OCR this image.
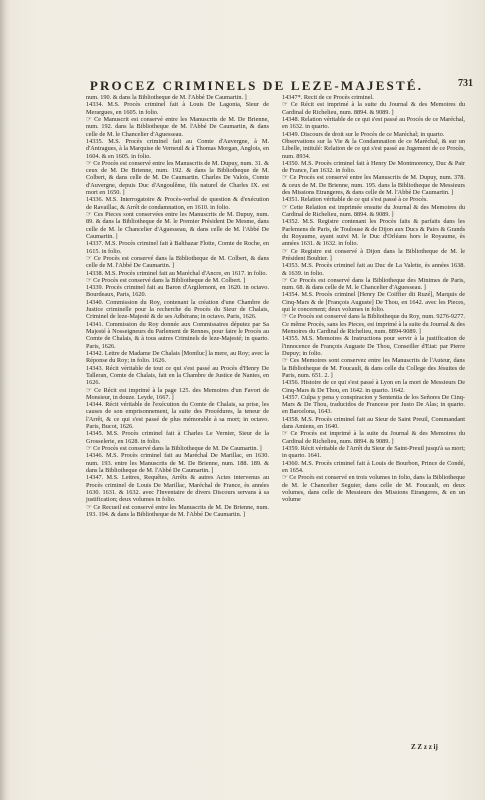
PROCEZ CRIMINELS DE LEZE-MAJESTÉ.	731

num. 190. & dans la Bibliotheque de M. l'Abbé De Caumartin. ]

14334. M.S. Procès criminel fait à Louis De Lagonia, Sieur de Merargues, en 1605. in folio.

☞ Ce Manuscrit est conservé entre les Manuscrits de M. De Brienne, num. 192. dans la Bibliotheque de M. l'Abbé De Caumartin, & dans celle de M. le Chancelier d'Aguesseau.

14335. M.S. Procès criminel fait au Comte d'Auvergne, à M. d'Antragues, à la Marquise de Verneuil & à Thomas Morgan, Anglois, en 1604. & en 1605. in folio.

☞ Ce Procès est conservé entre les Manuscrits de M. Dupuy, num. 31. & ceux de M. De Brienne, num. 192. & dans la Bibliotheque de M. Colbert, & dans celle de M. De Caumartin. Charles De Valois, Comte d'Auvergne, depuis Duc d'Angoulême, fils naturel de Charles IX. est mort en 1650. ]

14336. M.S. Interrogatoire & Procès-verbal de question & d'exécution de Ravaillac, & Arrêt de condamnation, en 1610. in folio.

☞ Ces Pieces sont conservées entre les Manuscrits de M. Dupuy, num. 89. & dans la Bibliotheque de M. le Premier Président De Mesme, dans celle de M. le Chancelier d'Aguesseau, & dans celle de M. l'Abbé De Caumartin. ]

14337. M.S. Procès criminel fait à Balthazar Flotte, Comte de Roche, en 1615. in folio.

☞ Ce Procès est conservé dans la Bibliotheque de M. Colbert, & dans celle de M. l'Abbé De Caumartin. ]

14338. M.S. Procès criminel fait au Maréchal d'Ancre, en 1617. in folio.

☞ Ce Procès est conservé dans la Bibliotheque de M. Colbert. ]

14339. Procès criminel fait au Baron d'Argilemont, en 1620. in octavo. Bourdeaux, Paris, 1620.

14340. Commission du Roy, contenant la création d'une Chambre de Justice criminelle pour la recherche du Procès du Sieur de Chalais, Criminel de leze-Majesté & de ses Adhérans; in octavo. Paris, 1626.

14341. Commission du Roy donnée aux Commissaires députez par Sa Majesté à Nosseigneurs du Parlement de Rennes, pour faire le Procès au Comte de Chalais, & à tous autres Criminels de leze-Majesté; in quarto. Paris, 1626.

14342. Lettre de Madame De Chalais [Montluc] la mere, au Roy; avec la Réponse du Roy; in folio. 1626.

14343. Récit véritable de tout ce qui s'est passé au Procès d'Henry De Talleran, Comte de Chalais, fait en la Chambre de Justice de Nantes, en 1626.

☞ Ce Récit est imprimé à la page 125. des Memoires d'un Favori de Monsieur, in douze. Leyde, 1667. ]

14344. Récit véritable de l'exécution du Comte de Chalais, sa prise, les causes de son emprisonnement, la suite des Procédures, la teneur de l'Arrêt, & ce qui s'est passé de plus mémorable à sa mort; in octavo. Paris, Bucot, 1626.

14345. M.S. Procès criminel fait à Charles Le Vernier, Sieur de la Grosselerie, en 1628. in folio.

☞ Ce Procès est conservé dans la Bibliotheque de M. De Caumartin. ]

14346. M.S. Procès criminel fait au Maréchal De Marillac, en 1630. num. 193. entre les Manuscrits de M. De Brienne, num. 188. 189. & dans la Bibliotheque de M. l'Abbé De Caumartin. ]

14347. M.S. Lettres, Requêtes, Arrêts & autres Actes intervenus au Procès criminel de Louis De Marillac, Maréchal de France, ès années 1630. 1631. & 1632. avec l'Inventaire de divers Discours servans à sa justification; deux volumes in folio.

☞ Ce Recueil est conservé entre les Manuscrits de M. De Brienne, num. 193. 194. & dans la Bibliotheque de M. l'Abbé De Caumartin. ]

14347*. Recit de ce Procès criminel.

☞ Ce Récit est imprimé à la suite du Journal & des Memoires du Cardinal de Richelieu, num. 8894. & 9089. ]

14348. Relation véritable de ce qui s'est passé au Procès de ce Maréchal, en 1632. in quarto.

14349. Discours de droit sur le Procès de ce Maréchal; in quarto.

Observations sur la Vie & la Condamnation de ce Maréchal, & sur un Libelle, intitulé: Relation de ce qui s'est passé au Jugement de ce Procès, num. 8934.

14350. M.S. Procès criminel fait à Henry De Montmorency, Duc & Pair de France, l'an 1632. in folio.

☞ Ce Procès est conservé entre les Manuscrits de M. Dupuy, num. 378. & ceux de M. De Brienne, num. 195. dans la Bibliotheque de Messieurs des Missions Etrangeres, & dans celle de M. l'Abbé De Caumartin. ]

14351. Relation véritable de ce qui s'est passé à ce Procès.

☞ Cette Relation est imprimée ensuite du Journal & des Memoires du Cardinal de Richelieu, num. 8894. & 9089. ]

14352. M.S. Registre contenant les Procès faits & parfaits dans les Parlemens de Paris, de Toulouse & de Dijon aux Ducs & Pairs & Grands du Royaume, ayant suivi M. le Duc d'Orléans hors le Royaume, ès années 1631. & 1632. in folio.

☞ Ce Registre est conservé à Dijon dans la Bibliotheque de M. le Président Bouhier. ]

14353. M.S. Procès criminel fait au Duc de La Valette, ès années 1638. & 1639. in folio.

☞ Ce Procès est conservé dans la Bibliotheque des Minimes de Paris, num. 68. & dans celle de M. le Chancelier d'Aguesseau. ]

14354. M.S. Procès criminel [Henry De Coiffier dit Ruzé], Marquis de Cinq-Mars & de [François Auguste] De Thou, en 1642. avec les Pieces, qui le concernent; deux volumes in folio.

☞ Ce Procès est conservé dans la Bibliotheque du Roy, num. 9276-9277. Ce même Procès, sans les Pieces, est imprimé à la suite du Journal & des Memoires du Cardinal de Richelieu, num. 8894-9089. ]

14355. M.S. Memoires & Instructions pour servir à la justification de l'innocence de François Auguste De Thou, Conseiller d'Etat: par Pierre Dupuy; in folio.

☞ Ces Memoires sont conservez entre les Manuscrits de l'Auteur, dans la Bibliotheque de M. Foucault, & dans celle du College des Jésuites de Paris, num. 651. 2. ]

14356. Histoire de ce qui s'est passé à Lyon en la mort de Messieurs De Cinq-Mars & De Thou, en 1642. in quarto. 1642.

14357. Culpa y pena y conspiracion y Sententia de los Señores De Cinq-Mars & De Thou, traducidos de Francese por Justo De Alas; in quarto. en Barcelona, 1643.

14358. M.S. Procès criminel fait au Sieur de Saint Preuil, Commandant dans Amiens, en 1640.

☞ Ce Procès est imprimé à la suite du Journal & des Memoires du Cardinal de Richelieu, num. 8894. & 9089. ]

14359. Récit véritable de l'Arrêt du Sieur de Saint-Preuil jusqu'à sa mort; in quarto. 1641.

14360. M.S. Procès criminel fait à Louis de Bourbon, Prince de Condé, en 1654.

☞ Ce Procès est conservé en trois volumes in folio, dans la Bibliotheque de M. le Chancelier Seguier, dans celle de M. Foucault, en deux volumes, dans celle de Messieurs des Missions Etrangeres, & en un volume

Z Z z z ij
